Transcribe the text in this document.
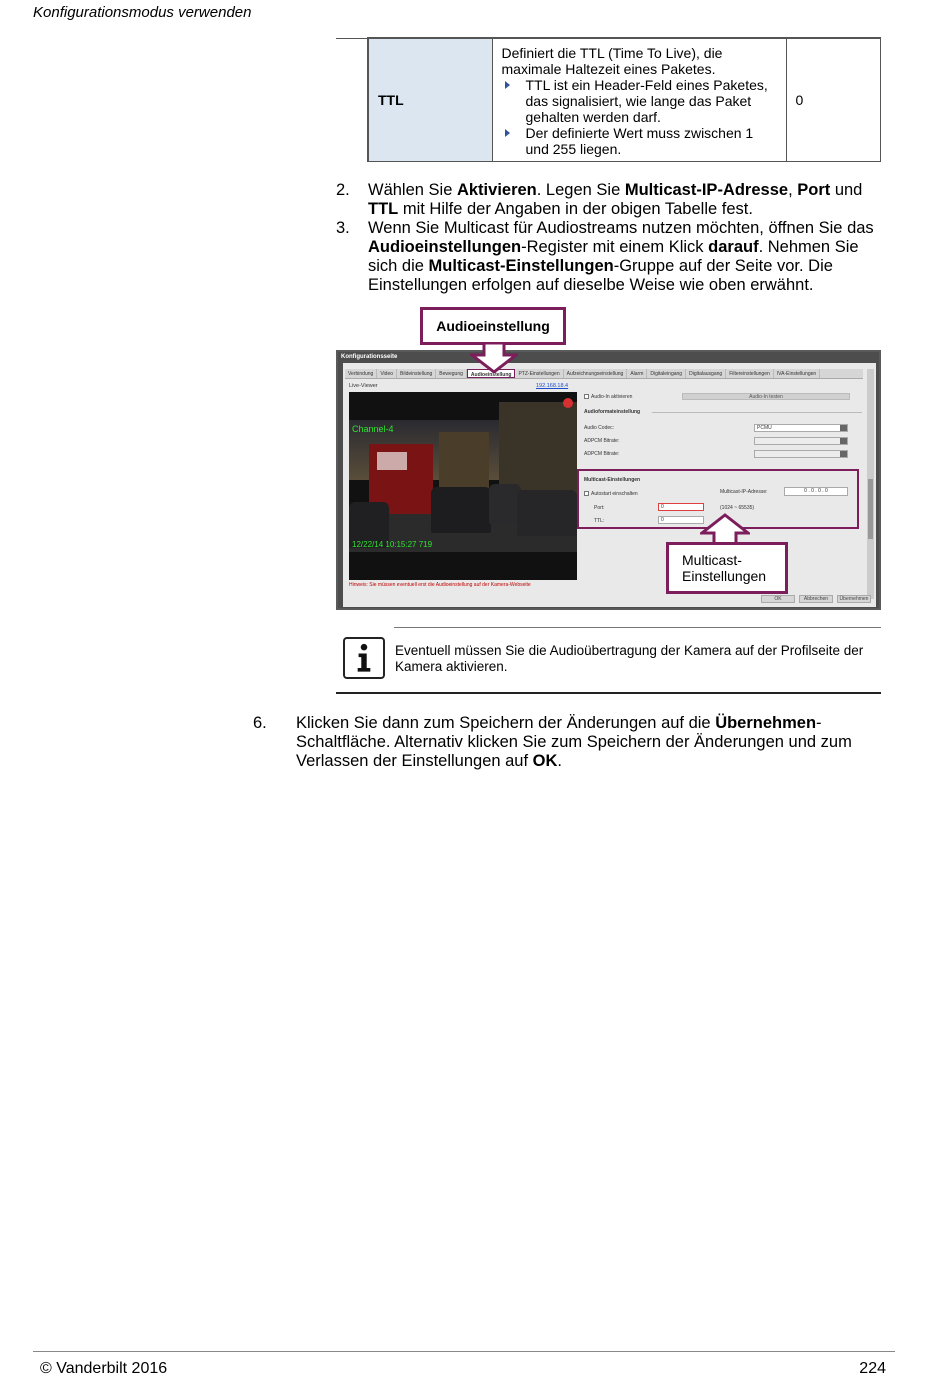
Konfigurationsmodus verwenden
	TTL	
Definiert die TTL (Time To Live), die maximale Haltezeit eines Paketes.
TTL ist ein Header-Feld eines Paketes, das signalisiert, wie lange das Paket gehalten werden darf.
Der definierte Wert muss zwischen 1 und 255 liegen.
	0
2. Wählen Sie Aktivieren. Legen Sie Multicast-IP-Adresse, Port und TTL mit Hilfe der Angaben in der obigen Tabelle fest.
3. Wenn Sie Multicast für Audiostreams nutzen möchten, öffnen Sie das Audioeinstellungen-Register mit einem Klick darauf. Nehmen Sie sich die Multicast-Einstellungen-Gruppe auf der Seite vor. Die Einstellungen erfolgen auf dieselbe Weise wie oben erwähnt.
Audioeinstellung
Konfigurationsseite
Verbindung	Video	Bildeinstellung	Bewegung	Audioeinstellung	PTZ-Einstellungen	Aufzeichnungseinstellung	Alarm	Digitaleingang	Digitalausgang	Filtereinstellungen	IVA-Einstellungen
Live-Viewer	192.168.18.4
Channel-4
12/22/14 10:15:27 719
Hinweis: Sie müssen eventuell erst die Audioeinstellung auf der Kamera-Webseite
Audio-In aktivieren	Audio-In testen
Audioformateinstellung
Audio Codec:	PCMU
ADPCM Bitrate:
ADPCM Bitrate:
Multicast-Einstellungen
Autostart einschalten	Multicast-IP-Adresse:	0 . 0 . 0 . 0
Port:	0	(1024 ~ 65535)
TTL:	0
OK	Abbrechen	Übernehmen
Multicast-
Einstellungen
Eventuell müssen Sie die Audioübertragung der Kamera auf der Profilseite der Kamera aktivieren.
6. Klicken Sie dann zum Speichern der Änderungen auf die Übernehmen-Schaltfläche. Alternativ klicken Sie zum Speichern der Änderungen und zum Verlassen der Einstellungen auf OK.
© Vanderbilt 2016	224
